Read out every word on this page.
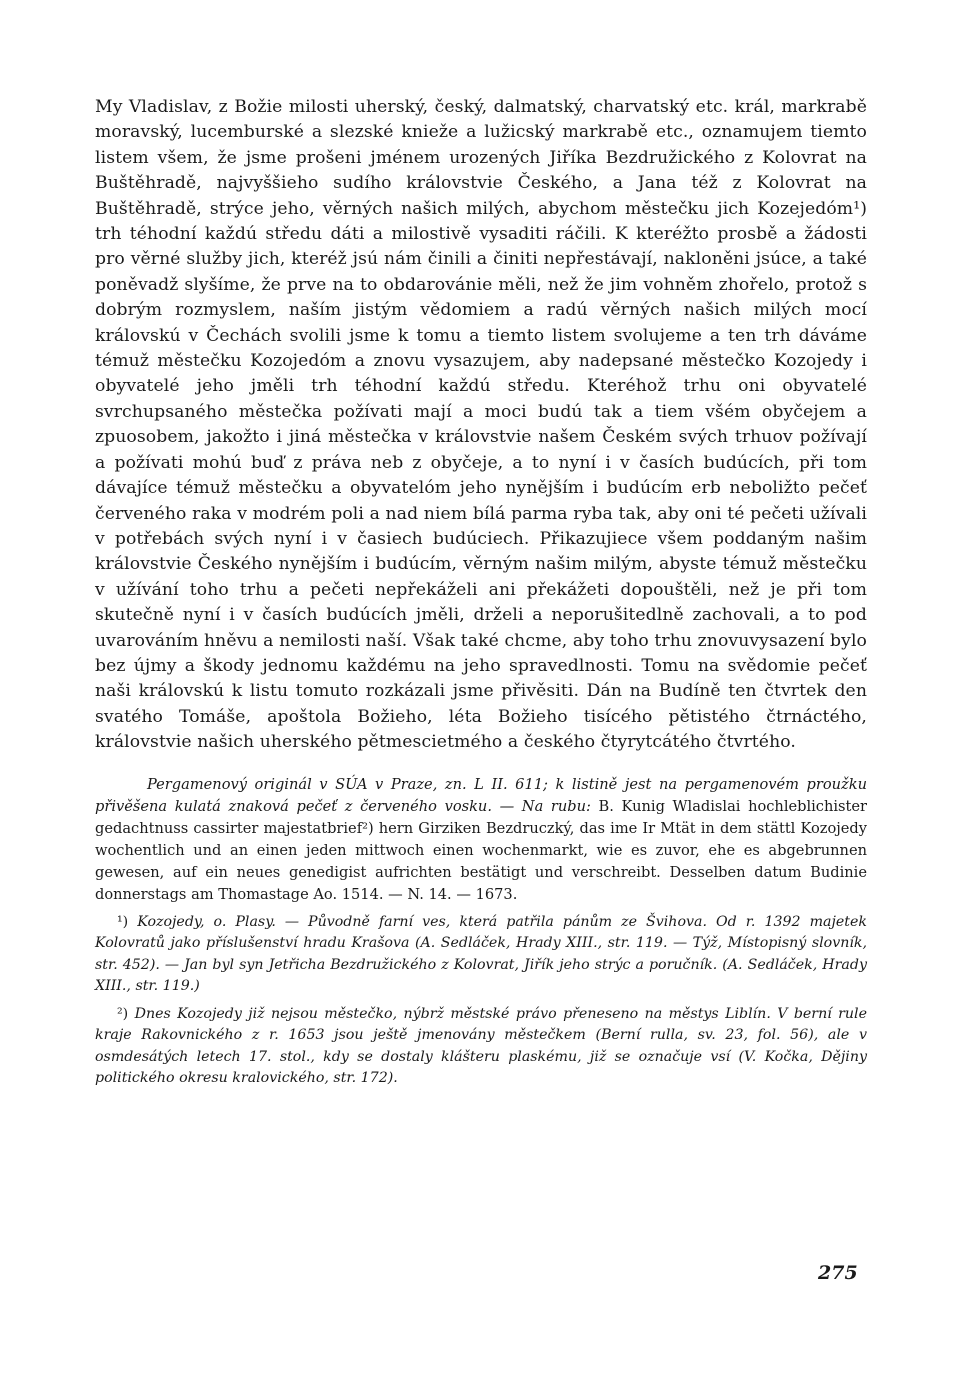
My Vladislav, z Božie milosti uherský, český, dalmatský, charvatský etc. král, markrabě moravský, lucemburské a slezské knieže a lužicský markrabě etc., oznamujem tiemto listem všem, že jsme prošeni jménem urozených Jiříka Bezdružického z Kolovrat na Buštěhradě, najvyššieho sudího královstvie Českého, a Jana též z Kolovrat na Buštěhradě, strýce jeho, věrných našich milých, abychom městečku jich Kozejedóm¹) trh téhodní každú středu dáti a milostivě vysaditi ráčili. K kteréžto prosbě a žádosti pro věrné služby jich, kteréž jsú nám činili a činiti nepřestávají, nakloněni jsúce, a také poněvadž slyšíme, že prve na to obdarovánie měli, než že jim vohněm zhořelo, protož s dobrým rozmyslem, naším jistým vědomiem a radú věrných našich milých mocí královskú v Čechách svolili jsme k tomu a tiemto listem svolujeme a ten trh dáváme témuž městečku Kozojedóm a znovu vysazujem, aby nadepsané městečko Kozojedy i obyvatelé jeho jměli trh téhodní každú středu. Kteréhož trhu oni obyvatelé svrchupsaného městečka požívati mají a moci budú tak a tiem všém obyčejem a zpuosobem, jakožto i jiná městečka v královstvie našem Českém svých trhuov požívají a požívati mohú buď z práva neb z obyčeje, a to nyní i v časích budúcích, při tom dávajíce témuž městečku a obyvatelóm jeho nynějším i budúcím erb neboližto pečeť červeného raka v modrém poli a nad niem bílá parma ryba tak, aby oni té pečeti užívali v potřebách svých nyní i v časiech budúciech. Přikazujiece všem poddaným našim královstvie Českého nynějším i budúcím, věrným našim milým, abyste témuž městečku v užívání toho trhu a pečeti nepřekáželi ani překážeti dopouštěli, než je při tom skutečně nyní i v časích budúcích jměli, drželi a neporušitedlně zachovali, a to pod uvarováním hněvu a nemilosti naší. Však také chcme, aby toho trhu znovuvysazení bylo bez újmy a škody jednomu každému na jeho spravedlnosti. Tomu na svědomie pečeť naši královskú k listu tomuto rozkázali jsme přivěsiti. Dán na Budíně ten čtvrtek den svatého Tomáše, apoštola Božieho, léta Božieho tisícého pětistého čtrnáctého, královstvie našich uherského pětmescietmého a českého čtyrytcátého čtvrtého.

Pergamenový originál v SÚA v Praze, zn. L II. 611; k listině jest na pergamenovém proužku přivěšena kulatá znaková pečeť z červeného vosku. — Na rubu: B. Kunig Wladislai hochleblichister gedachtnuss cassirter majestatbrief²) hern Girziken Bezdruczký, das ime Ir Mtät in dem stättl Kozojedy wochentlich und an einen jeden mittwoch einen wochenmarkt, wie es zuvor, ehe es abgebrunnen gewesen, auf ein neues genedigist aufrichten bestätigt und verschreibt. Desselben datum Budinie donnerstags am Thomastage Ao. 1514. — N. 14. — 1673.

¹) Kozojedy, o. Plasy. — Původně farní ves, která patřila pánům ze Švihova. Od r. 1392 majetek Kolovratů jako příslušenství hradu Krašova (A. Sedláček, Hrady XIII., str. 119. — Týž, Místopisný slovník, str. 452). — Jan byl syn Jetřicha Bezdružického z Kolovrat, Jiřík jeho strýc a poručník. (A. Sedláček, Hrady XIII., str. 119.)

²) Dnes Kozojedy již nejsou městečko, nýbrž městské právo přeneseno na městys Liblín. V berní rule kraje Rakovnického z r. 1653 jsou ještě jmenovány městečkem (Berní rulla, sv. 23, fol. 56), ale v osmdesátých letech 17. stol., kdy se dostaly klášteru plaskému, již se označuje vsí (V. Kočka, Dějiny politického okresu kralovického, str. 172).

275
